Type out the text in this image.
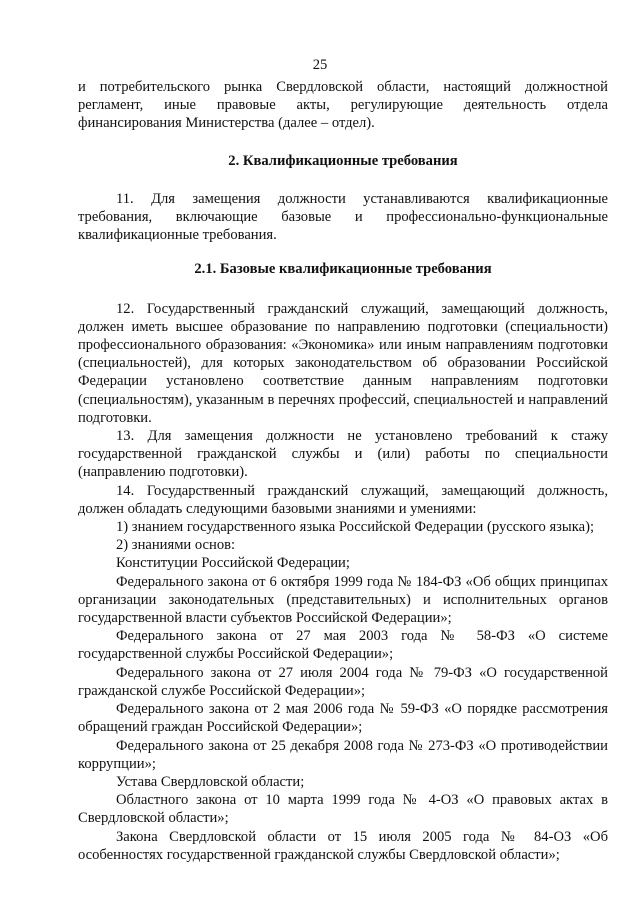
25

и потребительского рынка Свердловской области, настоящий должностной регламент, иные правовые акты, регулирующие деятельность отдела финансирования Министерства (далее – отдел).

2. Квалификационные требования

11. Для замещения должности устанавливаются квалификационные требования, включающие базовые и профессионально-функциональные квалификационные требования.

2.1. Базовые квалификационные требования

12. Государственный гражданский служащий, замещающий должность, должен иметь высшее образование по направлению подготовки (специальности) профессионального образования: «Экономика» или иным направлениям подготовки (специальностей), для которых законодательством об образовании Российской Федерации установлено соответствие данным направлениям подготовки (специальностям), указанным в перечнях профессий, специальностей и направлений подготовки.

13. Для замещения должности не установлено требований к стажу государственной гражданской службы и (или) работы по специальности (направлению подготовки).

14. Государственный гражданский служащий, замещающий должность, должен обладать следующими базовыми знаниями и умениями:

1) знанием государственного языка Российской Федерации (русского языка);

2) знаниями основ:

Конституции Российской Федерации;

Федерального закона от 6 октября 1999 года № 184-ФЗ «Об общих принципах организации законодательных (представительных) и исполнительных органов государственной власти субъектов Российской Федерации»;

Федерального закона от 27 мая 2003 года № 58-ФЗ «О системе государственной службы Российской Федерации»;

Федерального закона от 27 июля 2004 года № 79-ФЗ «О государственной гражданской службе Российской Федерации»;

Федерального закона от 2 мая 2006 года № 59-ФЗ «О порядке рассмотрения обращений граждан Российской Федерации»;

Федерального закона от 25 декабря 2008 года № 273-ФЗ «О противодействии коррупции»;

Устава Свердловской области;

Областного закона от 10 марта 1999 года № 4-ОЗ «О правовых актах в Свердловской области»;

Закона Свердловской области от 15 июля 2005 года № 84-ОЗ «Об особенностях государственной гражданской службы Свердловской области»;
